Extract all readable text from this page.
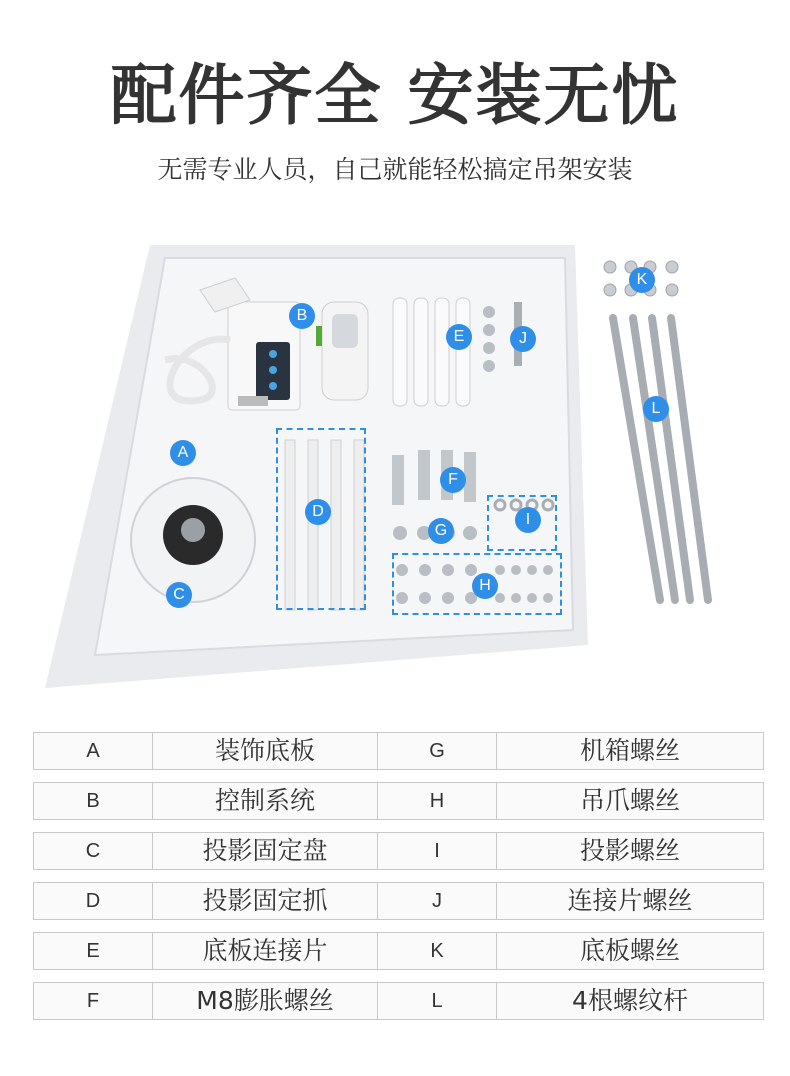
配件齐全 安装无忧
无需专业人员，自己就能轻松搞定吊架安装
A
B
C
D
E
F
G
H
I
J
K
L
A	装饰底板	G	机箱螺丝
B	控制系统	H	吊爪螺丝
C	投影固定盘	I	投影螺丝
D	投影固定抓	J	连接片螺丝
E	底板连接片	K	底板螺丝
F	M8膨胀螺丝	L	4根螺纹杆
